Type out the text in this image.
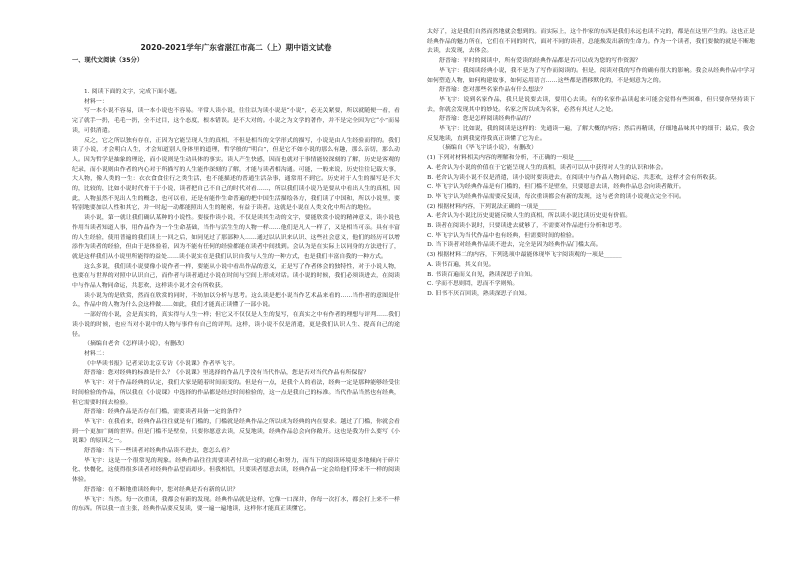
2020-2021学年广东省湛江市高二（上）期中语文试卷
一、现代文阅读（35分）

1. 阅读下面的文字，完成下面小题。

材料一：

写一本小说不容易，读一本小说也不容易。平常人读小说，往往以为读小说是“小说”，必无关紧要，所以就随便一看，看完了就手一扔，毛毛一扔，全不过目，这个态度，根本错误。是不大对的。小说之为文学的著作，并不是完全因为它“小”而易读，可供消遣。

反之，它之所以独有存在，正因为它能呈现人生的真相，不但是相当的文学形式的描写，小说是由人生经验而得的。我们读了小说，才会明白人生，才会知道别人身体里的道理，哲学般的“明白”，但是它不如小说的那么有趣，那么亲切，那么动人。因为哲学是抽象的理论，而小说则是生动具体的事实。读人产生快感，因而也就对于事情能较深刻的了解，历史是客观的纪录，而小说则由作者的内心对于所描写的人生能作深刻的了解，才能与读者相沟通。可能，一般来说，历史往往记载大事，大人物，像人类的一生：衣衣食食住行之类生活，也不能描述的普通生活杂事，通常用不到它。历史对于人生的描写是不大的，比较的，比如小说时代骨干于小说，读者把自己不自己的时代对看……，所以我们读小说乃是要从中看出人生的真相，因此，人物虽然不见出人生的概念，也可以看，还是有能作生命普遍的把中国生活描绘各方，我们读了中国和，所以小说里，要特别地要加以人性和其它，并一时起一动都能照出人生的秘密，有益于读者。这就是小说在人类文化中所占的地位。

读小说，第一就让我们确认某种的小说性。要接作读小说，不仅是读其生动的文字，要能欣赏小说的精神意义，读小说也作用当读者知道人事，用作品作为一个生命基础，当作与活生生的人物一样……他们是凡人一样了，又是相当可亲。具有丰富的人生经验，使用普遍的我们读上一回之后，如同见过了那部种人……通过以认识来认识、这些社会意义，他们的经历可以增添作为读者的经验，但由于是体验着，因为不能有任何的经验都能在读者中间找到。会认为是在实际上以同身的方法进行了，就是这样我们从小说里所能得的益处……读小说实在是我们认识自我与人生的一种方式，也是我们丰富自我的一种方式。

这么多说，我们读小说要像小说作者一样，要能从小说中看出作品的意义，正是写了作者体会的独特性，对于小说人物，也要在与世界的对照中认识自己，而作者与读者通过小说在时间与空间上形成对话。读小说的时候，我们必须读进去，在阅读中与作品人物同命运，共悲欢，这样读小说才会有所收获。

读小说为的是欣赏，然而在欣赏的同时，不妨加以分析与思考。这么读是把小说当作艺术品来看的……当作者的意图是什么，作品中的人物为什么会这样做……如此，我们才能真正读懂了一部小说。

一部好的小说，会是真实的，真实得与人生一样；但它又不仅仅是人生的复写，在真实之中有作者的理想与评判……我们读小说的时候，也应当对小说中的人物与事件有自己的评判。这样，读小说不仅是消遣，更是我们认识人生、提高自己的途径。

（摘编自老舍《怎样读小说》，有删改）

材料二：

《中华读书报》记者采访北京专访《小说课》作者毕飞宇。

舒晋瑜：您对经典的标准是什么？《小说课》里选择的作品几乎没有当代作品，您是否对当代作品有所保留？

毕飞宇：对于作品经典的认定，我们大家是随着时间而变的。但是有一点，是我个人的看法，经典一定是那种能够经受住时间检验的作品，所以我在《小说课》中选择的作品都是经过时间检验的，这一点是我自己的标准。当代作品当然也有经典，但它需要时间去检验。

舒晋瑜：经典作品是否存在门槛，需要读者具备一定的条件？

毕飞宇：在我看来，经典作品往往就是有门槛的，门槛就是经典作品之所以成为经典的内在要求。越过了门槛，你就会看到一个更加广阔的世界。但是门槛不是壁垒，只要你愿意去读，反复地读，经典作品总会向你敞开。这也是我为什么要写《小说课》的原因之一。

舒晋瑜：当下一些读者对经典作品读不进去，您怎么看？

毕飞宇：这是一个很常见的现象。经典作品往往需要读者付出一定的耐心和努力，而当下的阅读环境更多地倾向于碎片化、快餐化，这使得很多读者对经典作品望而却步。但我相信，只要读者愿意去读，经典作品一定会给他们带来不一样的阅读体验。

舒晋瑜：在不断地重读经典中，您对经典是否有新的认识？

毕飞宇：当然。每一次重读，我都会有新的发现。经典作品就是这样，它像一口深井，你每一次打水，都会打上来不一样的东西。所以我一直主张，经典作品要反复读，要一遍一遍地读，这样你才能真正读懂它。

太好了，这是我们自然而然地就会想到的。而实际上，这个作家的东西是我们永远也读不完的，都是在这里产生的。这也正是经典作品的魅力所在，它们在不同的时代，面对不同的读者，总能焕发出新的生命力。作为一个读者，我们要做的就是不断地去读，去发现，去体会。

舒晋瑜：平时的阅读中，所有爱读的经典作品都是否可以成为您的写作资源？

毕飞宇：我阅读经典小说，我不是为了写作而阅读的。但是，阅读对我的写作的确有很大的影响。我会从经典作品中学习如何塑造人物，如何构建故事，如何运用语言……这些都是潜移默化的，不是刻意为之的。

舒晋瑜：您对那些名家作品有什么想法？

毕飞宇：说到名家作品，我只是说要去读，要用心去读。有的名家作品读起来可能会觉得有些困难，但只要你坚持读下去，你就会发现其中的妙处。名家之所以成为名家，必然有其过人之处。

舒晋瑜：您是怎样阅读经典作品的？

毕飞宇：比如说，我的阅读是这样的：先通读一遍，了解大概的内容；然后再精读，仔细地品味其中的细节；最后，我会反复地读，直到我觉得我真正读懂了它为止。

（摘编自《毕飞宇谈小说》，有删改）

(1) 下列对材料相关内容的理解和分析，不正确的一项是______

A. 老舍认为小说的价值在于它能呈现人生的真相，读者可以从中获得对人生的认识和体会。

B. 老舍认为读小说不仅是消遣，读小说时要读进去，在阅读中与作品人物同命运、共悲欢，这样才会有所收获。

C. 毕飞宇认为经典作品是有门槛的，但门槛不是壁垒，只要愿意去读，经典作品总会向读者敞开。

D. 毕飞宇认为经典作品需要反复读，每次重读都会有新的发现，这与老舍的读小说观点完全不同。

(2) 根据材料内容，下列说法正确的一项是______

A. 老舍认为小说比历史更能反映人生的真相，所以读小说比读历史更有价值。

B. 读者在阅读小说时，只要读进去就够了，不需要对作品进行分析和思考。

C. 毕飞宇认为当代作品中也有经典，但需要时间的检验。

D. 当下读者对经典作品读不进去，完全是因为经典作品门槛太高。

(3) 根据材料二的内容，下列选项中最能体现毕飞宇阅读观的一项是______

A. 读书百遍，其义自见。

B. 书读百遍而义自见，熟读深思子自知。

C. 学而不思则罔，思而不学则殆。

D. 旧书不厌百回读，熟读深思子自知。
